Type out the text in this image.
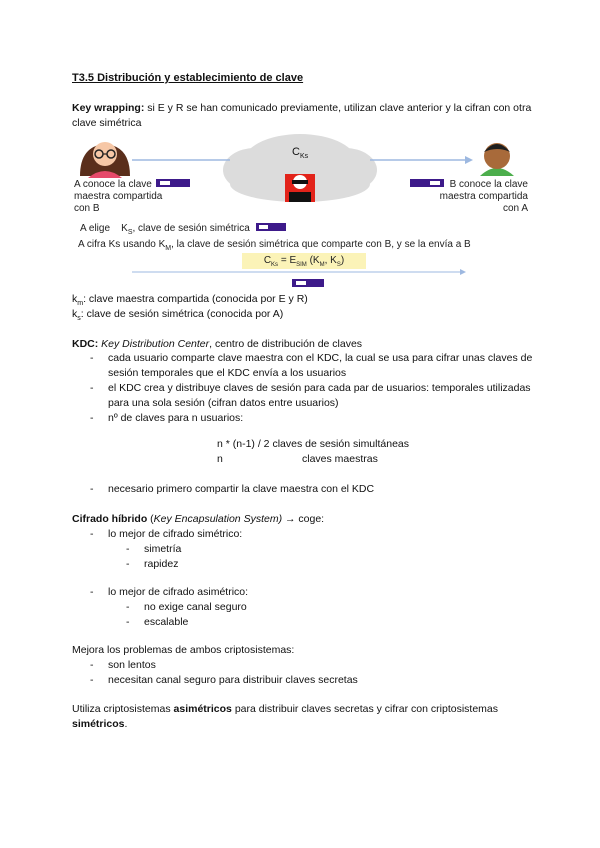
T3.5 Distribución y establecimiento de clave
Key wrapping: si E y R se han comunicado previamente, utilizan clave anterior y la cifran con otra clave simétrica
$C_{Ks}$
A conoce la clave
maestra compartida
con B
B conoce la clave
maestra compartida
con A
A elige $K_S$, clave de sesión simétrica
A cifra Ks usando $K_M$, la clave de sesión simétrica que comparte con B, y se la envía a B
$C_{Ks} = E_{SIM}$ ($K_M$, $K_S$)
$k_m$: clave maestra compartida (conocida por E y R)
$k_s$: clave de sesión simétrica (conocida por A)
KDC: Key Distribution Center, centro de distribución de claves
- cada usuario comparte clave maestra con el KDC, la cual se usa para cifrar unas claves de sesión temporales que el KDC envía a los usuarios
- el KDC crea y distribuye claves de sesión para cada par de usuarios: temporales utilizadas para una sola sesión (cifran datos entre usuarios)
- nº de claves para n usuarios:
n * (n-1) / 2 claves de sesión simultáneas
n	claves maestras
- necesario primero compartir la clave maestra con el KDC
Cifrado híbrido (Key Encapsulation System) → coge:
- lo mejor de cifrado simétrico:
- simetría
- rapidez
- lo mejor de cifrado asimétrico:
- no exige canal seguro
- escalable
Mejora los problemas de ambos criptosistemas:
- son lentos
- necesitan canal seguro para distribuir claves secretas
Utiliza criptosistemas asimétricos para distribuir claves secretas y cifrar con criptosistemas simétricos.
